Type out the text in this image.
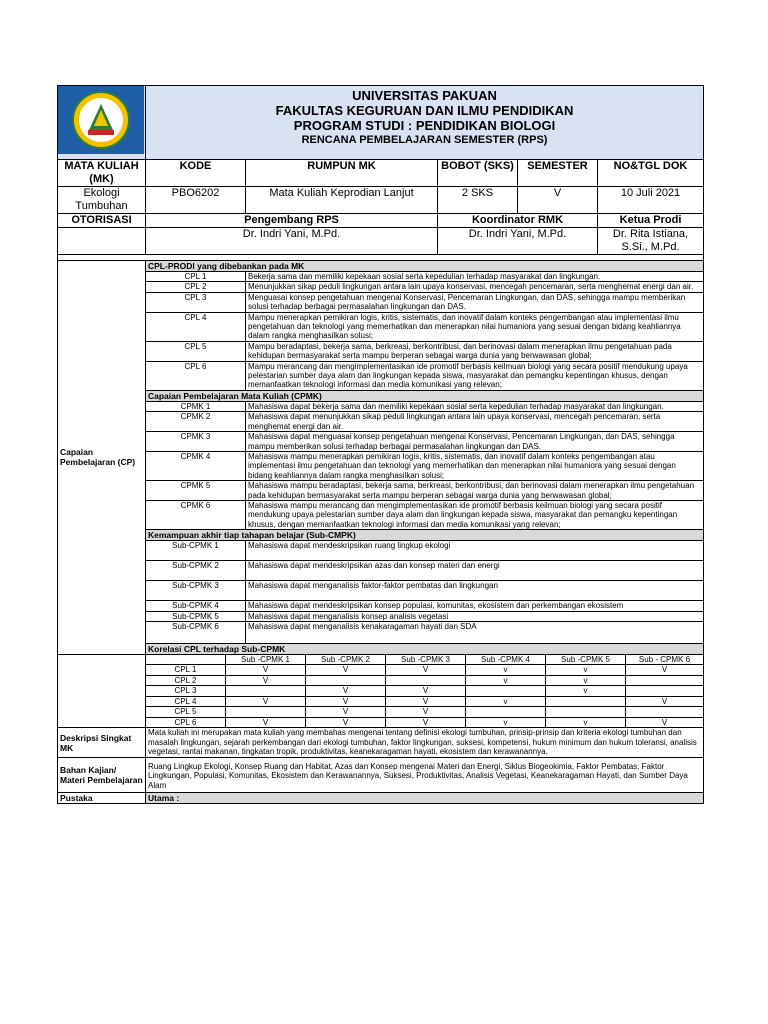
UNIVERSITAS PAKUAN
FAKULTAS KEGURUAN DAN ILMU PENDIDIKAN
PROGRAM STUDI : PENDIDIKAN BIOLOGI
RENCANA PEMBELAJARAN SEMESTER (RPS)				

MATA KULIAH (MK)	KODE	RUMPUN MK	BOBOT (SKS)	SEMESTER	NO&TGL DOK
Ekologi Tumbuhan	PBO6202	Mata Kuliah Keprodian Lanjut	2 SKS	V	10 Juli 2021
OTORISASI	Pengembang RPS		Koordinator RMK		Ketua Prodi
	Dr. Indri Yani, M.Pd.		Dr. Indri Yani, M.Pd.		Dr. Rita Istiana, S.Si., M.Pd.

Capaian Pembelajaran (CP)	CPL-PRODI yang dibebankan pada MK				
	CPL 1	Bekerja sama dan memiliki kepekaan sosial serta kepedulian terhadap masyarakat dan lingkungan.			
	CPL 2	Menunjukkan sikap peduli lingkungan antara lain upaya konservasi, mencegah pencemaran, serta menghemat energi dan air.			
	CPL 3	Menguasai konsep pengetahuan mengenai Konservasi, Pencemaran Lingkungan, dan DAS, sehingga mampu memberikan solusi terhadap berbagai permasalahan lingkungan dan DAS.			
	CPL 4	Mampu menerapkan pemikiran logis, kritis, sistematis, dan inovatif dalam konteks pengembangan atau implementasi ilmu pengetahuan dan teknologi yang memerhatikan dan menerapkan nilai humaniora yang sesuai dengan bidang keahliannya dalam rangka menghasilkan solusi;			
	CPL 5	Mampu beradaptasi, bekerja sama, berkreasi, berkontribusi, dan berinovasi dalam menerapkan ilmu pengetahuan pada kehidupan bermasyarakat serta mampu berperan sebagai warga dunia yang berwawasan global;			
	CPL 6	Mampu merancang dan mengimplementasikan ide promotif berbasis keilmuan biologi yang secara positif mendukung upaya pelestarian sumber daya alam dan lingkungan kepada siswa, masyarakat dan pemangku kepentingan khusus, dengan memanfaatkan teknologi informasi dan media komunikasi yang relevan;			
	Capaian Pembelajaran Mata Kuliah (CPMK)				
	CPMK 1	Mahasiswa dapat bekerja sama dan memiliki kepekaan sosial serta kepedulian terhadap masyarakat dan lingkungan.			
	CPMK 2	Mahasiswa dapat menunjukkan sikap peduli lingkungan antara lain upaya konservasi, mencegah pencemaran, serta menghemat energi dan air.			
	CPMK 3	Mahasiswa dapat menguasai konsep pengetahuan mengenai Konservasi, Pencemaran Lingkungan, dan DAS, sehingga mampu memberikan solusi terhadap berbagai permasalahan lingkungan dan DAS.			
	CPMK 4	Mahasiswa mampu menerapkan pemikiran logis, kritis, sistematis, dan inovatif dalam konteks pengembangan atau implementasi ilmu pengetahuan dan teknologi yang memerhatikan dan menerapkan nilai humaniora yang sesuai dengan bidang keahliannya dalam rangka menghasilkan solusi;			
	CPMK 5	Mahasiswa mampu beradaptasi, bekerja sama, berkreasi, berkontribusi, dan berinovasi dalam menerapkan ilmu pengetahuan pada kehidupan bermasyarakat serta mampu berperan sebagai warga dunia yang berwawasan global;			
	CPMK 6	Mahasiswa mampu merancang dan mengimplementasikan ide promotif berbasis keilmuan biologi yang secara positif mendukung upaya pelestarian sumber daya alam dan lingkungan kepada siswa, masyarakat dan pemangku kepentingan khusus, dengan memanfaatkan teknologi informasi dan media komunikasi yang relevan;			
	Kemampuan akhir tiap tahapan belajar (Sub-CMPK)				
	Sub-CPMK 1	Mahasiswa dapat mendeskripsikan ruang lingkup ekologi			
	Sub-CPMK 2	Mahasiswa dapat mendeskripsikan azas dan konsep materi dan energi			
	Sub-CPMK 3	Mahasiswa dapat menganalisis faktor-faktor pembatas dan lingkungan			
	Sub-CPMK 4	Mahasiswa dapat mendeskripsikan konsep populasi, komunitas, ekosistem dan perkembangan ekosistem			
	Sub-CPMK 5	Mahasiswa dapat menganalisis konsep analisis vegetasi			
	Sub-CPMK 6	Mahasiswa dapat menganalisis kenakaragaman hayati dan SDA			
	Korelasi CPL terhadap Sub-CPMK				
		Sub -CPMK 1	Sub -CPMK 2	Sub -CPMK 3	Sub -CPMK 4	Sub -CPMK 5	Sub - CPMK 6
	CPL 1	V	V	V	v	v	V
	CPL 2	V			v	v	
	CPL 3		V	V		v	
	CPL 4	V	V	V	v		V
	CPL 5		V	V			
	CPL 6	V	V	V	v	v	V
Deskripsi Singkat MK	Mata kuliah ini merupakan mata kuliah yang membahas mengenai tentang definisi ekologi tumbuhan, prinsip-prinsip dan kriteria ekologi tumbuhan dan masalah lingkungan, sejarah perkembangan dari ekologi tumbuhan, faktor lingkungan, suksesi, kompetensi, hukum minimum dan hukum toleransi, analisis vegetasi, rantai makanan, tingkatan tropik, produktivitas, keanekaragaman hayati, ekosistem dan kerawanannya.
Bahan Kajian/ Materi Pembelajaran	Ruang Lingkup Ekologi, Konsep Ruang dan Habitat, Azas dan Konsep mengenai Materi dan Energi, Siklus Biogeokimia, Faktor Pembatas, Faktor Lingkungan, Populasi, Komunitas, Ekosistem dan Kerawanannya, Suksesi, Produktivitas, Analisis Vegetasi, Keanekaragaman Hayati, dan Sumber Daya Alam
Pustaka	Utama :
